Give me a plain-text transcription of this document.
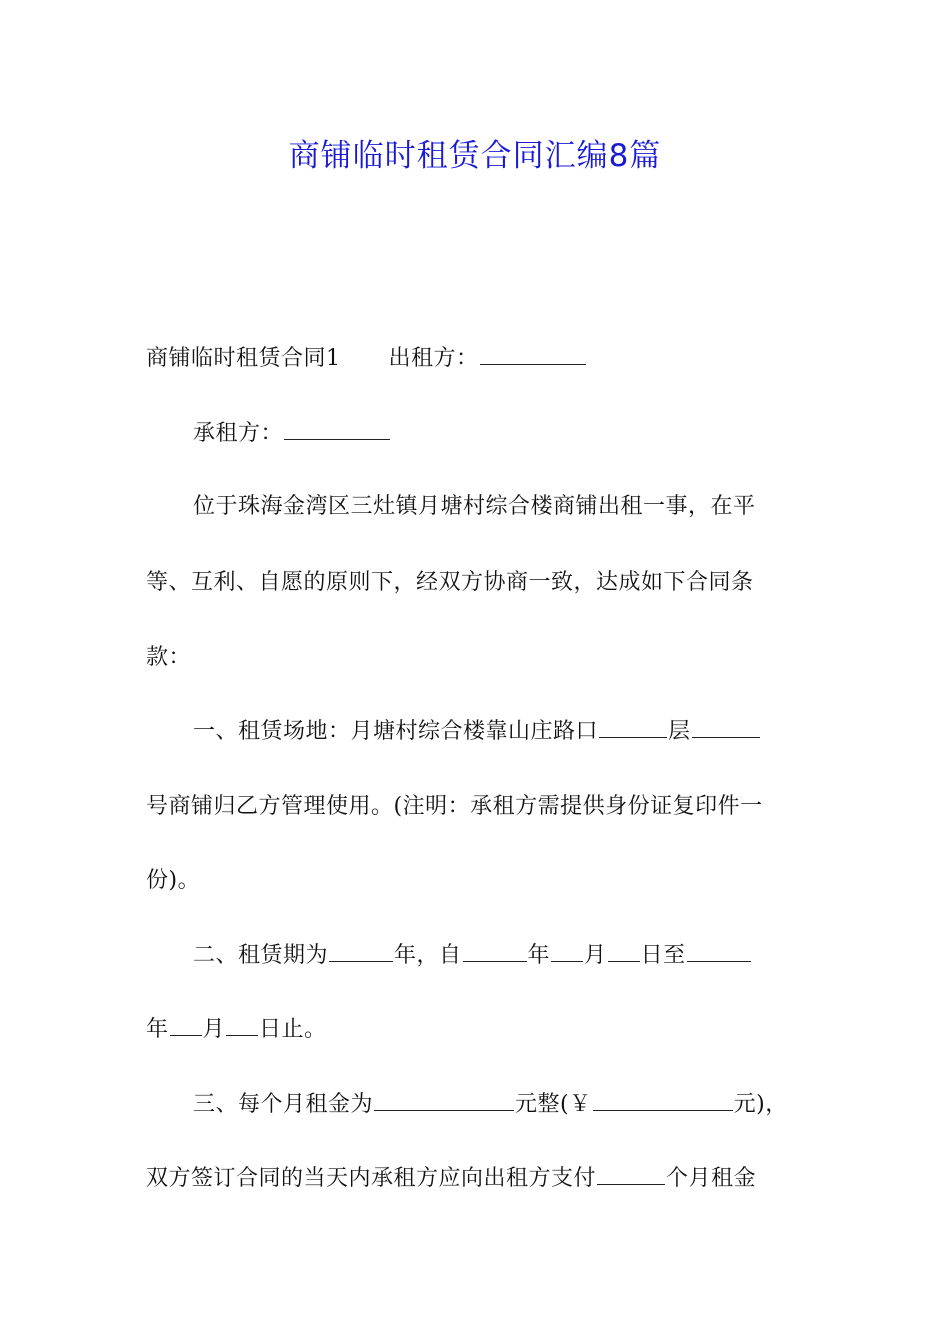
商铺临时租赁合同汇编8篇
商铺临时租赁合同1 出租方：
承租方：
位于珠海金湾区三灶镇月塘村综合楼商铺出租一事，在平
等、互利、自愿的原则下，经双方协商一致，达成如下合同条
款：
一、租赁场地：月塘村综合楼靠山庄路口	层
号商铺归乙方管理使用。(注明：承租方需提供身份证复印件一
份)。
二、租赁期为	年，自	年 月 日至
年 月 日止。
三、每个月租金为	元整(￥	元)，
双方签订合同的当天内承租方应向出租方支付	个月租金
